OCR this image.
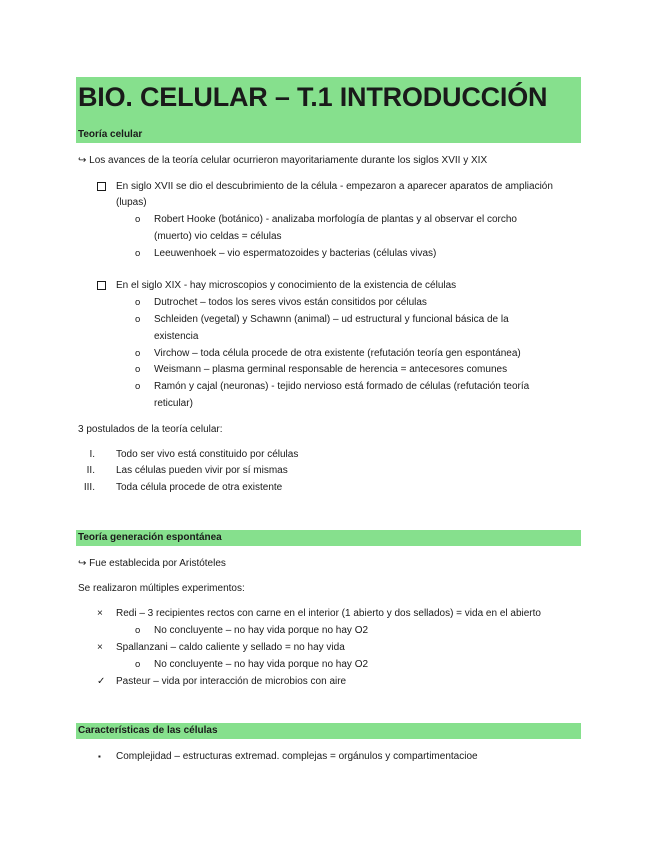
BIO. CELULAR – T.1 INTRODUCCIÓN
Teoría celular
↪ Los avances de la teoría celular ocurrieron mayoritariamente durante los siglos XVII y XIX
En siglo XVII se dio el descubrimiento de la célula - empezaron a aparecer aparatos de ampliación
(lupas)
o Robert Hooke (botánico) - analizaba morfología de plantas y al observar el corcho
(muerto) vio celdas = células
o Leeuwenhoek – vio espermatozoides y bacterias (células vivas)
En el siglo XIX - hay microscopios y conocimiento de la existencia de células
o Dutrochet – todos los seres vivos están consitidos por células
o Schleiden (vegetal) y Schawnn (animal) – ud estructural y funcional básica de la
existencia
o Virchow – toda célula procede de otra existente (refutación teoría gen espontánea)
o Weismann – plasma germinal responsable de herencia = antecesores comunes
o Ramón y cajal (neuronas) - tejido nervioso está formado de células (refutación teoría
reticular)
3 postulados de la teoría celular:
I. Todo ser vivo está constituido por células
II. Las células pueden vivir por sí mismas
III. Toda célula procede de otra existente
Teoría generación espontánea
↪ Fue establecida por Aristóteles
Se realizaron múltiples experimentos:
× Redi – 3 recipientes rectos con carne en el interior (1 abierto y dos sellados) = vida en el abierto
o No concluyente – no hay vida porque no hay O2
× Spallanzani – caldo caliente y sellado = no hay vida
o No concluyente – no hay vida porque no hay O2
✓ Pasteur – vida por interacción de microbios con aire
Características de las células
▪ Complejidad – estructuras extremad. complejas = orgánulos y compartimentacioe
